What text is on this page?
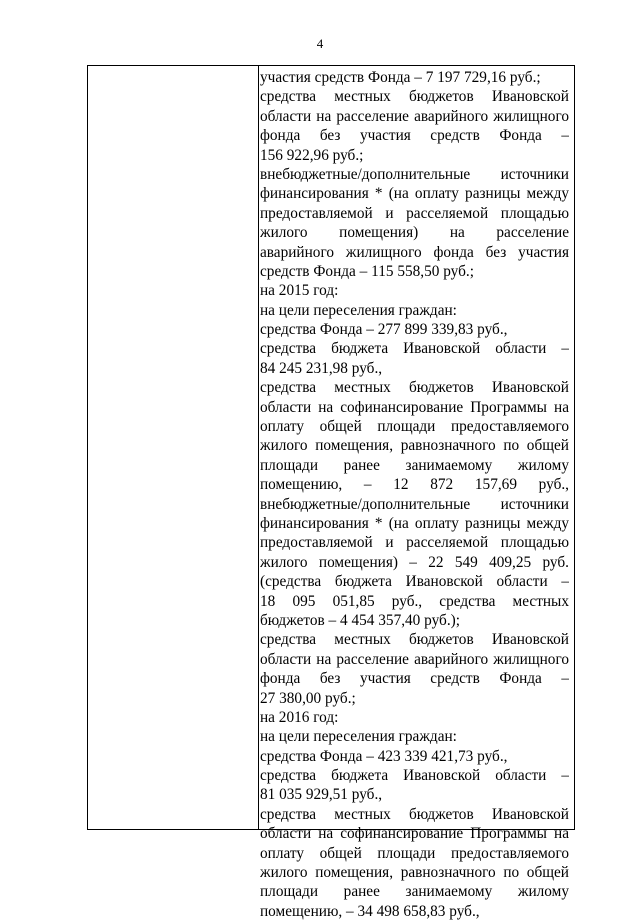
4
участия средств Фонда – 7 197 729,16 руб.;
средства местных бюджетов Ивановской
области на расселение аварийного жилищного
фонда без участия средств Фонда –
156 922,96 руб.;
внебюджетные/дополнительные источники
финансирования * (на оплату разницы между
предоставляемой и расселяемой площадью
жилого помещения) на расселение
аварийного жилищного фонда без участия
средств Фонда – 115 558,50 руб.;
на 2015 год:
на цели переселения граждан:
средства Фонда – 277 899 339,83 руб.,
средства бюджета Ивановской области –
84 245 231,98 руб.,
средства местных бюджетов Ивановской
области на софинансирование Программы на
оплату общей площади предоставляемого
жилого помещения, равнозначного по общей
площади ранее занимаемому жилому
помещению, – 12 872 157,69 руб.,
внебюджетные/дополнительные источники
финансирования * (на оплату разницы между
предоставляемой и расселяемой площадью
жилого помещения) – 22 549 409,25 руб.
(средства бюджета Ивановской области –
18 095 051,85 руб., средства местных
бюджетов – 4 454 357,40 руб.);
средства местных бюджетов Ивановской
области на расселение аварийного жилищного
фонда без участия средств Фонда –
27 380,00 руб.;
на 2016 год:
на цели переселения граждан:
средства Фонда – 423 339 421,73 руб.,
средства бюджета Ивановской области –
81 035 929,51 руб.,
средства местных бюджетов Ивановской
области на софинансирование Программы на
оплату общей площади предоставляемого
жилого помещения, равнозначного по общей
площади ранее занимаемому жилому
помещению, – 34 498 658,83 руб.,
